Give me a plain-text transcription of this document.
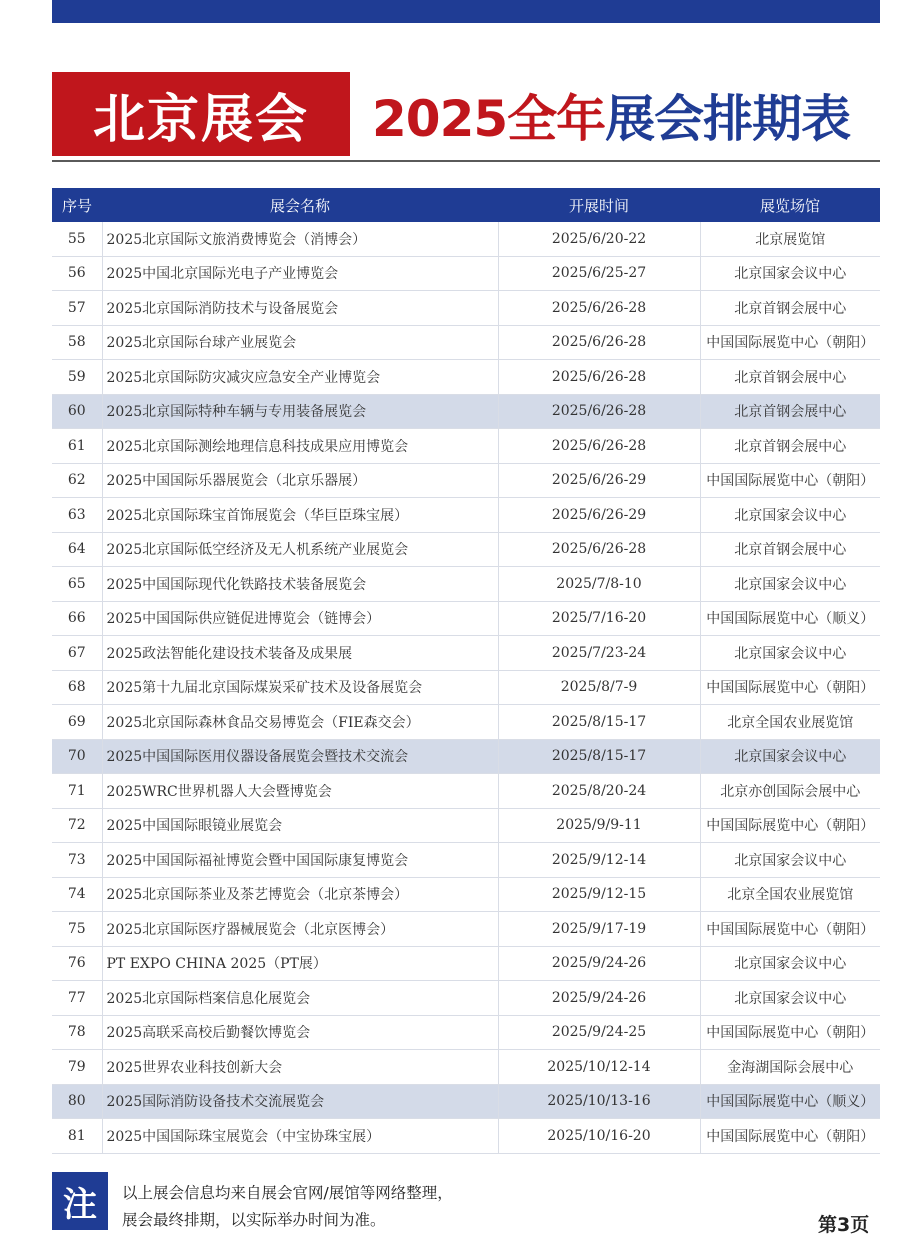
北京展会 2025全年 展会排期表
序号	展会名称	开展时间	展览场馆
55	2025北京国际文旅消费博览会（消博会）	2025/6/20-22	北京展览馆
56	2025中国北京国际光电子产业博览会	2025/6/25-27	北京国家会议中心
57	2025北京国际消防技术与设备展览会	2025/6/26-28	北京首钢会展中心
58	2025北京国际台球产业展览会	2025/6/26-28	中国国际展览中心（朝阳）
59	2025北京国际防灾减灾应急安全产业博览会	2025/6/26-28	北京首钢会展中心
60	2025北京国际特种车辆与专用装备展览会	2025/6/26-28	北京首钢会展中心
61	2025北京国际测绘地理信息科技成果应用博览会	2025/6/26-28	北京首钢会展中心
62	2025中国国际乐器展览会（北京乐器展）	2025/6/26-29	中国国际展览中心（朝阳）
63	2025北京国际珠宝首饰展览会（华巨臣珠宝展）	2025/6/26-29	北京国家会议中心
64	2025北京国际低空经济及无人机系统产业展览会	2025/6/26-28	北京首钢会展中心
65	2025中国国际现代化铁路技术装备展览会	2025/7/8-10	北京国家会议中心
66	2025中国国际供应链促进博览会（链博会）	2025/7/16-20	中国国际展览中心（顺义）
67	2025政法智能化建设技术装备及成果展	2025/7/23-24	北京国家会议中心
68	2025第十九届北京国际煤炭采矿技术及设备展览会	2025/8/7-9	中国国际展览中心（朝阳）
69	2025北京国际森林食品交易博览会（FIE森交会）	2025/8/15-17	北京全国农业展览馆
70	2025中国国际医用仪器设备展览会暨技术交流会	2025/8/15-17	北京国家会议中心
71	2025WRC世界机器人大会暨博览会	2025/8/20-24	北京亦创国际会展中心
72	2025中国国际眼镜业展览会	2025/9/9-11	中国国际展览中心（朝阳）
73	2025中国国际福祉博览会暨中国国际康复博览会	2025/9/12-14	北京国家会议中心
74	2025北京国际茶业及茶艺博览会（北京茶博会）	2025/9/12-15	北京全国农业展览馆
75	2025北京国际医疗器械展览会（北京医博会）	2025/9/17-19	中国国际展览中心（朝阳）
76	PT EXPO CHINA 2025（PT展）	2025/9/24-26	北京国家会议中心
77	2025北京国际档案信息化展览会	2025/9/24-26	北京国家会议中心
78	2025高联采高校后勤餐饮博览会	2025/9/24-25	中国国际展览中心（朝阳）
79	2025世界农业科技创新大会	2025/10/12-14	金海湖国际会展中心
80	2025国际消防设备技术交流展览会	2025/10/13-16	中国国际展览中心（顺义）
81	2025中国国际珠宝展览会（中宝协珠宝展）	2025/10/16-20	中国国际展览中心（朝阳）
注 以上展会信息均来自展会官网/展馆等网络整理，
展会最终排期，以实际举办时间为准。	第3页
